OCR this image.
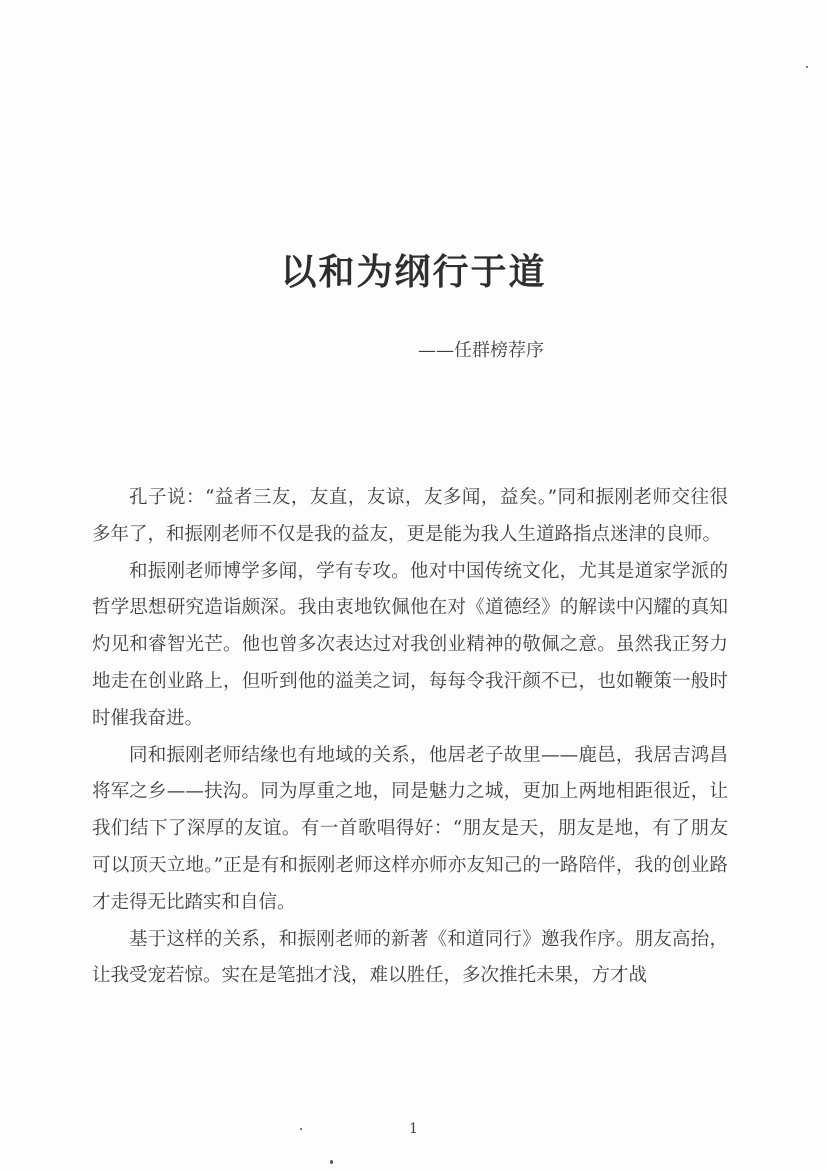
以和为纲行于道

——任群榜荐序

孔子说：“益者三友，友直，友谅，友多闻，益矣。”同和振刚老师交往很多年了，和振刚老师不仅是我的益友，更是能为我人生道路指点迷津的良师。

和振刚老师博学多闻，学有专攻。他对中国传统文化，尤其是道家学派的哲学思想研究造诣颇深。我由衷地钦佩他在对《道德经》的解读中闪耀的真知灼见和睿智光芒。他也曾多次表达过对我创业精神的敬佩之意。虽然我正努力地走在创业路上，但听到他的溢美之词，每每令我汗颜不已，也如鞭策一般时时催我奋进。

同和振刚老师结缘也有地域的关系，他居老子故里——鹿邑，我居吉鸿昌将军之乡——扶沟。同为厚重之地，同是魅力之城，更加上两地相距很近，让我们结下了深厚的友谊。有一首歌唱得好：“朋友是天，朋友是地，有了朋友可以顶天立地。”正是有和振刚老师这样亦师亦友知己的一路陪伴，我的创业路才走得无比踏实和自信。

基于这样的关系，和振刚老师的新著《和道同行》邀我作序。朋友高抬，让我受宠若惊。实在是笔拙才浅，难以胜任，多次推托未果，方才战

1
